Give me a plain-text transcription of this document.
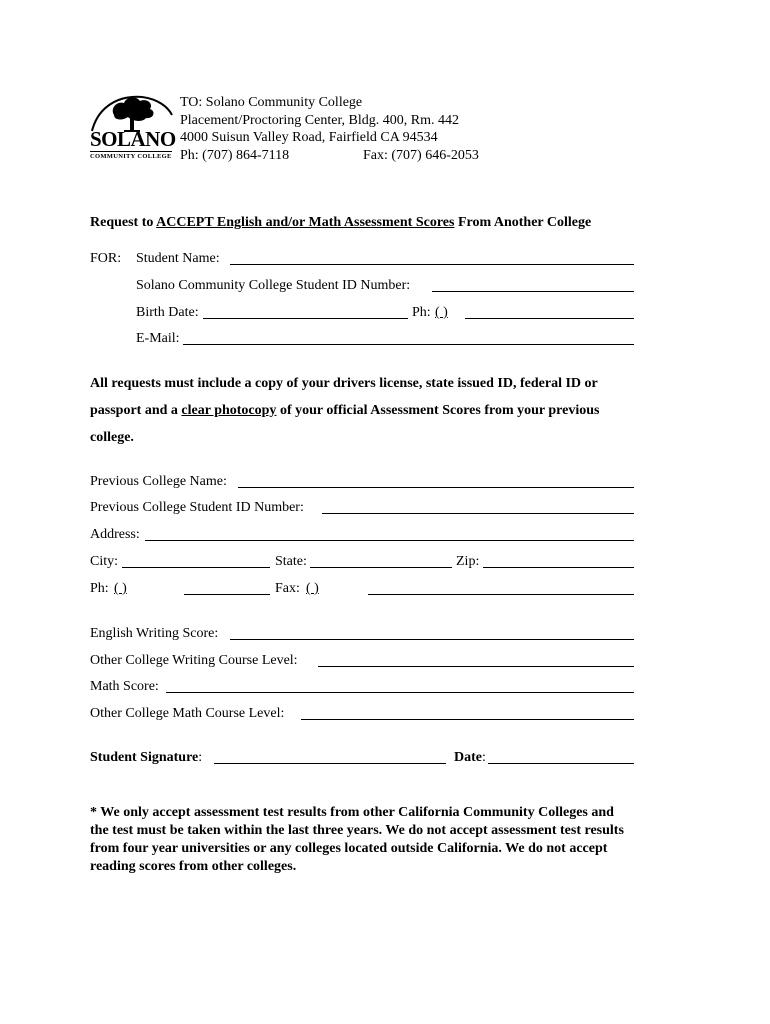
SOLANO
COMMUNITY COLLEGE
TO: Solano Community College
Placement/Proctoring Center, Bldg. 400, Rm. 442
4000 Suisun Valley Road, Fairfield CA 94534
Ph: (707) 864-7118	Fax: (707) 646-2053
Request to ACCEPT English and/or Math Assessment Scores From Another College
FOR: Student Name:
Solano Community College Student ID Number:
Birth Date:	Ph: ( )
E-Mail:
All requests must include a copy of your drivers license, state issued ID, federal ID or
passport and a clear photocopy of your official Assessment Scores from your previous
college.
Previous College Name:
Previous College Student ID Number:
Address:
City:	State:	Zip:
Ph: ( )	Fax: ( )
English Writing Score:
Other College Writing Course Level:
Math Score:
Other College Math Course Level:
Student Signature:	Date:
* We only accept assessment test results from other California Community Colleges and
the test must be taken within the last three years. We do not accept assessment test results
from four year universities or any colleges located outside California. We do not accept
reading scores from other colleges.
